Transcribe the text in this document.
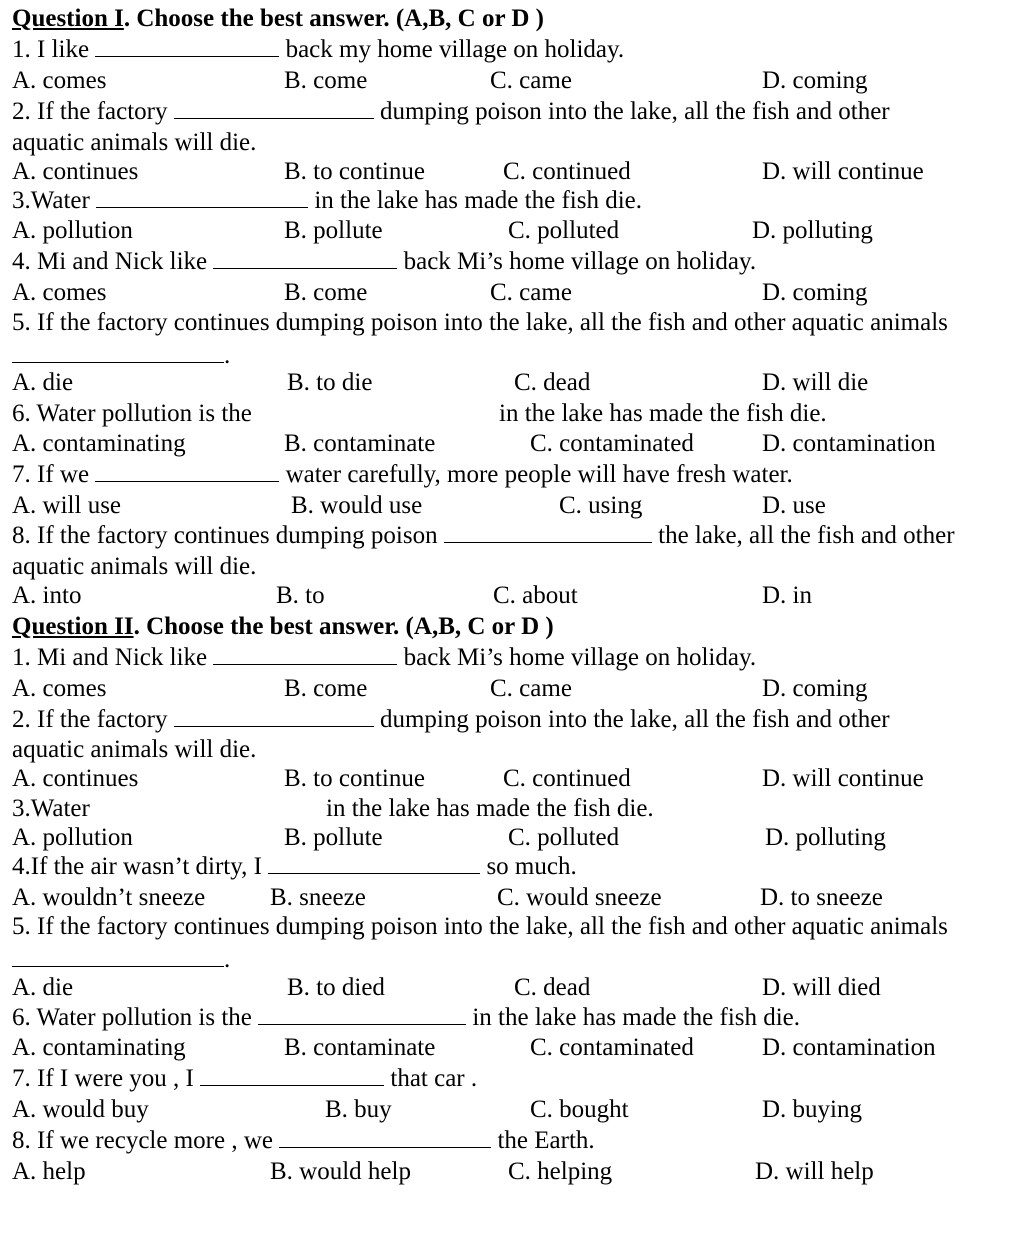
Question I. Choose the best answer. (A,B, C or D )
1. I like	back my home village on holiday.
A. comes	B. come	C. came	D. coming
2. If the factory	dumping poison into the lake, all the fish and other
aquatic animals will die.
A. continues	B. to continue	C. continued	D. will continue
3.Water	in the lake has made the fish die.
A. pollution	B. pollute	C. polluted	D. polluting
4. Mi and Nick like	back Mi’s home village on holiday.
A. comes	B. come	C. came	D. coming
5. If the factory continues dumping poison into the lake, all the fish and other aquatic animals
.
A. die	B. to die	C. dead	D. will die
6. Water pollution is the	in the lake has made the fish die.
A. contaminating	B. contaminate	C. contaminated	D. contamination
7. If we	water carefully, more people will have fresh water.
A. will use	B. would use	C. using	D. use
8. If the factory continues dumping poison	the lake, all the fish and other
aquatic animals will die.
A. into	B. to	C. about	D. in
Question II. Choose the best answer. (A,B, C or D )
1. Mi and Nick like	back Mi’s home village on holiday.
A. comes	B. come	C. came	D. coming
2. If the factory	dumping poison into the lake, all the fish and other
aquatic animals will die.
A. continues	B. to continue	C. continued	D. will continue
3.Water	in the lake has made the fish die.
A. pollution	B. pollute	C. polluted	D. polluting
4.If the air wasn’t dirty, I	so much.
A. wouldn’t sneeze	B. sneeze	C. would sneeze	D. to sneeze
5. If the factory continues dumping poison into the lake, all the fish and other aquatic animals
.
A. die	B. to died	C. dead	D. will died
6. Water pollution is the	in the lake has made the fish die.
A. contaminating	B. contaminate	C. contaminated	D. contamination
7. If I were you , I	that car .
A. would buy	B. buy	C. bought	D. buying
8. If we recycle more , we	the Earth.
A. help	B. would help	C. helping	D. will help
